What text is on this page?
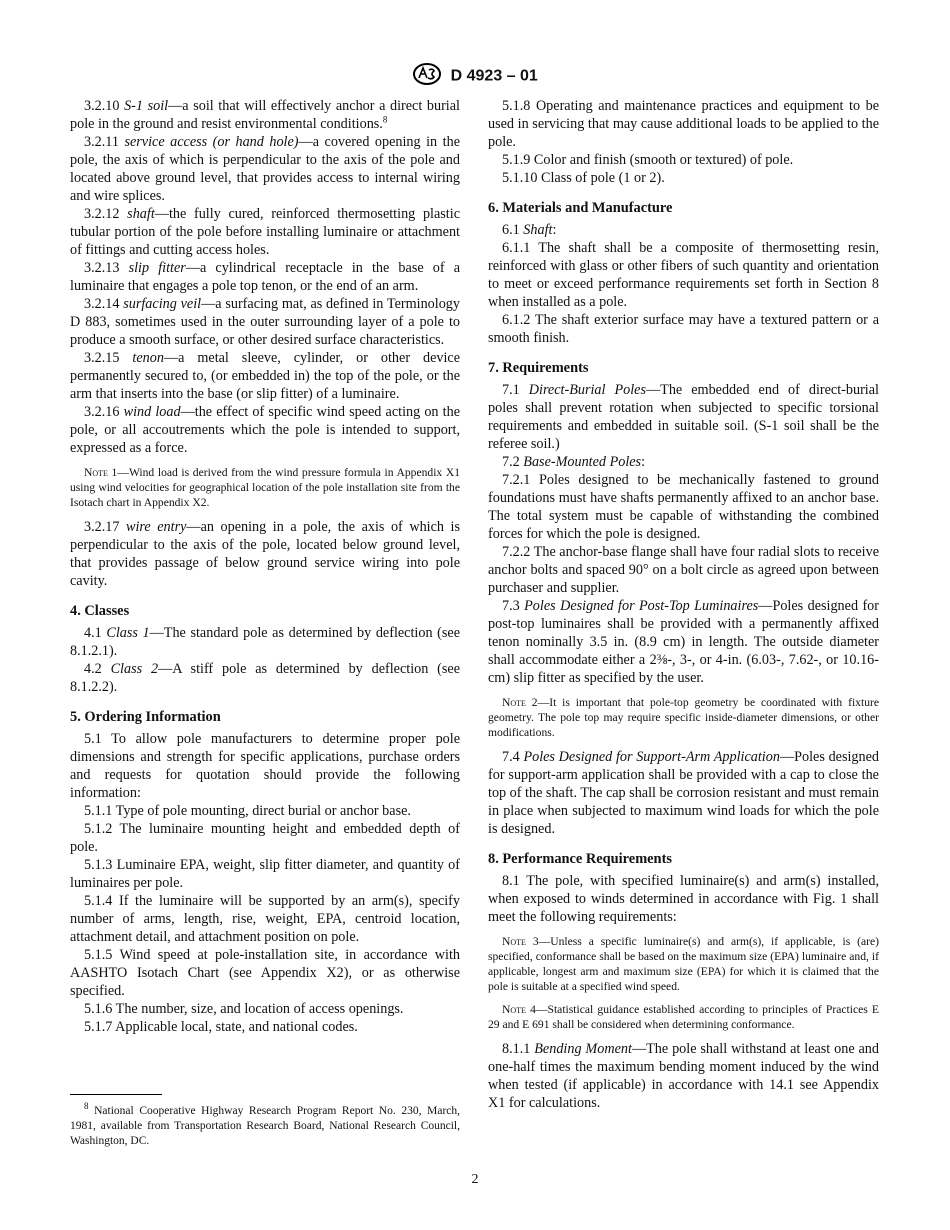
D 4923 – 01

3.2.10 S-1 soil—a soil that will effectively anchor a direct burial pole in the ground and resist environmental conditions.$^8$

3.2.11 service access (or hand hole)—a covered opening in the pole, the axis of which is perpendicular to the axis of the pole and located above ground level, that provides access to internal wiring and wire splices.

3.2.12 shaft—the fully cured, reinforced thermosetting plastic tubular portion of the pole before installing luminaire or attachment of fittings and cutting access holes.

3.2.13 slip fitter—a cylindrical receptacle in the base of a luminaire that engages a pole top tenon, or the end of an arm.

3.2.14 surfacing veil—a surfacing mat, as defined in Terminology D 883, sometimes used in the outer surrounding layer of a pole to produce a smooth surface, or other desired surface characteristics.

3.2.15 tenon—a metal sleeve, cylinder, or other device permanently secured to, (or embedded in) the top of the pole, or the arm that inserts into the base (or slip fitter) of a luminaire.

3.2.16 wind load—the effect of specific wind speed acting on the pole, or all accoutrements which the pole is intended to support, expressed as a force.

Note 1—Wind load is derived from the wind pressure formula in Appendix X1 using wind velocities for geographical location of the pole installation site from the Isotach chart in Appendix X2.

3.2.17 wire entry—an opening in a pole, the axis of which is perpendicular to the axis of the pole, located below ground level, that provides passage of below ground service wiring into pole cavity.

4. Classes

4.1 Class 1—The standard pole as determined by deflection (see 8.1.2.1).

4.2 Class 2—A stiff pole as determined by deflection (see 8.1.2.2).

5. Ordering Information

5.1 To allow pole manufacturers to determine proper pole dimensions and strength for specific applications, purchase orders and requests for quotation should provide the following information:

5.1.1 Type of pole mounting, direct burial or anchor base.

5.1.2 The luminaire mounting height and embedded depth of pole.

5.1.3 Luminaire EPA, weight, slip fitter diameter, and quantity of luminaires per pole.

5.1.4 If the luminaire will be supported by an arm(s), specify number of arms, length, rise, weight, EPA, centroid location, attachment detail, and attachment position on pole.

5.1.5 Wind speed at pole-installation site, in accordance with AASHTO Isotach Chart (see Appendix X2), or as otherwise specified.

5.1.6 The number, size, and location of access openings.

5.1.7 Applicable local, state, and national codes.

5.1.8 Operating and maintenance practices and equipment to be used in servicing that may cause additional loads to be applied to the pole.

5.1.9 Color and finish (smooth or textured) of pole.

5.1.10 Class of pole (1 or 2).

6. Materials and Manufacture

6.1 Shaft:

6.1.1 The shaft shall be a composite of thermosetting resin, reinforced with glass or other fibers of such quantity and orientation to meet or exceed performance requirements set forth in Section 8 when installed as a pole.

6.1.2 The shaft exterior surface may have a textured pattern or a smooth finish.

7. Requirements

7.1 Direct-Burial Poles—The embedded end of direct-burial poles shall prevent rotation when subjected to specific torsional requirements and embedded in suitable soil. (S-1 soil shall be the referee soil.)

7.2 Base-Mounted Poles:

7.2.1 Poles designed to be mechanically fastened to ground foundations must have shafts permanently affixed to an anchor base. The total system must be capable of withstanding the combined forces for which the pole is designed.

7.2.2 The anchor-base flange shall have four radial slots to receive anchor bolts and spaced 90° on a bolt circle as agreed upon between purchaser and supplier.

7.3 Poles Designed for Post-Top Luminaires—Poles designed for post-top luminaires shall be provided with a permanently affixed tenon nominally 3.5 in. (8.9 cm) in length. The outside diameter shall accommodate either a 2⅜-, 3-, or 4-in. (6.03-, 7.62-, or 10.16-cm) slip fitter as specified by the user.

Note 2—It is important that pole-top geometry be coordinated with fixture geometry. The pole top may require specific inside-diameter dimensions, or other modifications.

7.4 Poles Designed for Support-Arm Application—Poles designed for support-arm application shall be provided with a cap to close the top of the shaft. The cap shall be corrosion resistant and must remain in place when subjected to maximum wind loads for which the pole is designed.

8. Performance Requirements

8.1 The pole, with specified luminaire(s) and arm(s) installed, when exposed to winds determined in accordance with Fig. 1 shall meet the following requirements:

Note 3—Unless a specific luminaire(s) and arm(s), if applicable, is (are) specified, conformance shall be based on the maximum size (EPA) luminaire and, if applicable, longest arm and maximum size (EPA) for which it is claimed that the pole is suitable at a specified wind speed.

Note 4—Statistical guidance established according to principles of Practices E 29 and E 691 shall be considered when determining conformance.

8.1.1 Bending Moment—The pole shall withstand at least one and one-half times the maximum bending moment induced by the wind when tested (if applicable) in accordance with 14.1 see Appendix X1 for calculations.

$^8$ National Cooperative Highway Research Program Report No. 230, March, 1981, available from Transportation Research Board, National Research Council, Washington, DC.

2
